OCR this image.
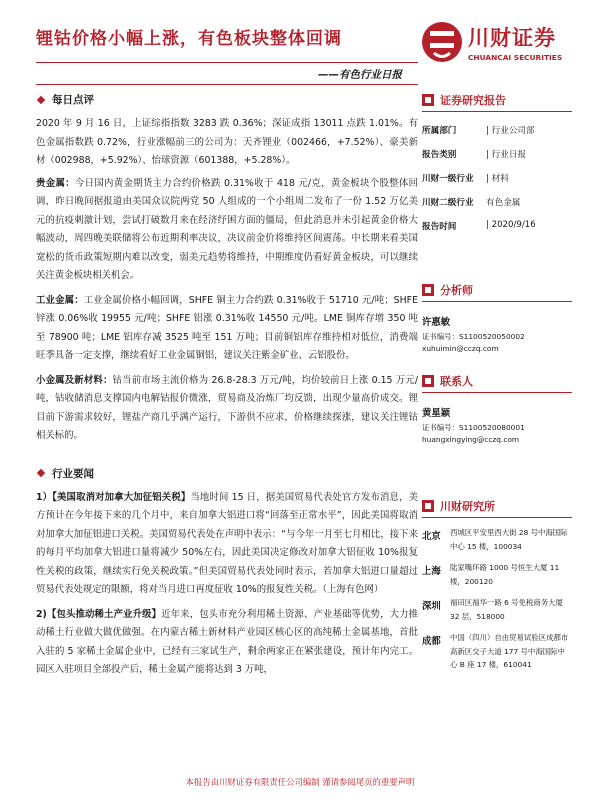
锂钴价格小幅上涨，有色板块整体回调
——有色行业日报
川财证券
CHUANCAI SECURITIES
每日点评

2020 年 9 月 16 日，上证综指指数 3283 跌 0.36%；深证成指 13011 点跌 1.01%。有色金属指数跌 0.72%，行业涨幅前三的公司为：天齐锂业（002466，+7.52%）、豪美新材（002988，+5.92%）、怡球资源（601388，+5.28%）。

贵金属：今日国内黄金期货主力合约价格跌 0.31%收于 418 元/克，黄金板块个股整体回调，昨日晚间据报道由美国众议院两党 50 人组成的一个小组周二发布了一份 1.52 万亿美元的抗疫刺激计划，尝试打破数月来在经济纾困方面的僵局，但此消息并未引起黄金价格大幅波动，周四晚美联储将公布近期利率决议，决议前金价将维持区间震荡。中长期来看美国宽松的货币政策短期内难以改变，弱美元趋势将维持，中期维度仍看好黄金板块，可以继续关注黄金板块相关机会。

工业金属：工业金属价格小幅回调，SHFE 铜主力合约跌 0.31%收于 51710 元/吨；SHFE 锌涨 0.06%收 19955 元/吨；SHFE 铝涨 0.31%收 14550 元/吨。LME 铜库存增 350 吨至 78900 吨；LME 铝库存减 3525 吨至 151 万吨；目前铜铝库存维持相对低位，消费端旺季具备一定支撑，继续看好工业金属铜铝，建议关注紫金矿业、云铝股份。

小金属及新材料：钴当前市场主流价格为 26.8-28.3 万元/吨，均价较前日上涨 0.15 万元/吨，钴收储消息支撑国内电解钴报价微涨，贸易商及冶炼厂均反馈，出现少量高价成交。锂目前下游需求较好，锂盐产商几乎满产运行，下游供不应求，价格继续探涨，建议关注锂钴相关标的。

行业要闻

1）【美国取消对加拿大加征铝关税】当地时间 15 日，据美国贸易代表处官方发布消息，美方预计在今年接下来的几个月中，来自加拿大铝进口将“回落至正常水平”，因此美国将取消对加拿大加征铝进口关税。美国贸易代表处在声明中表示：“与今年一月至七月相比，接下来的每月平均加拿大铝进口量将减少 50%左右，因此美国决定修改对加拿大铝征收 10%报复性关税的政策，继续实行免关税政策。”但美国贸易代表处同时表示，若加拿大铝进口量超过贸易代表处规定的限额，将对当月进口再度征收 10%的报复性关税。（上海有色网）

2)【包头推动稀土产业升级】近年来，包头市充分利用稀土资源、产业基础等优势，大力推动稀土行业做大做优做强。在内蒙古稀土新材料产业园区核心区的高纯稀土金属基地，首批入驻的 5 家稀土金属企业中，已经有三家试生产，剩余两家正在紧张建设，预计年内完工。园区入驻项目全部投产后，稀土金属产能将达到 3 万吨，

证券研究报告
所属部门	| 行业公司部
报告类别	| 行业日报
川财一级行业	| 材料
川财二级行业	有色金属
报告时间	| 2020/9/16
分析师
许惠敏
证书编号：S1100520050002
xuhuimin@cczq.com
联系人
黄星颖
证书编号：S1100520080001
huangxingying@cczq.com
川财研究所
北京	西城区平安里西大街 28 号中海国际中心 15 楼，100034
上海	陆家嘴环路 1000 号恒生大厦 11 楼，200120
深圳	福田区福华一路 6 号免税商务大厦 32 层，518000
成都	中国（四川）自由贸易试验区成都市高新区交子大道 177 号中海国际中心 B 座 17 楼，610041
本报告由川财证券有限责任公司编制 谨请参阅尾页的重要声明
